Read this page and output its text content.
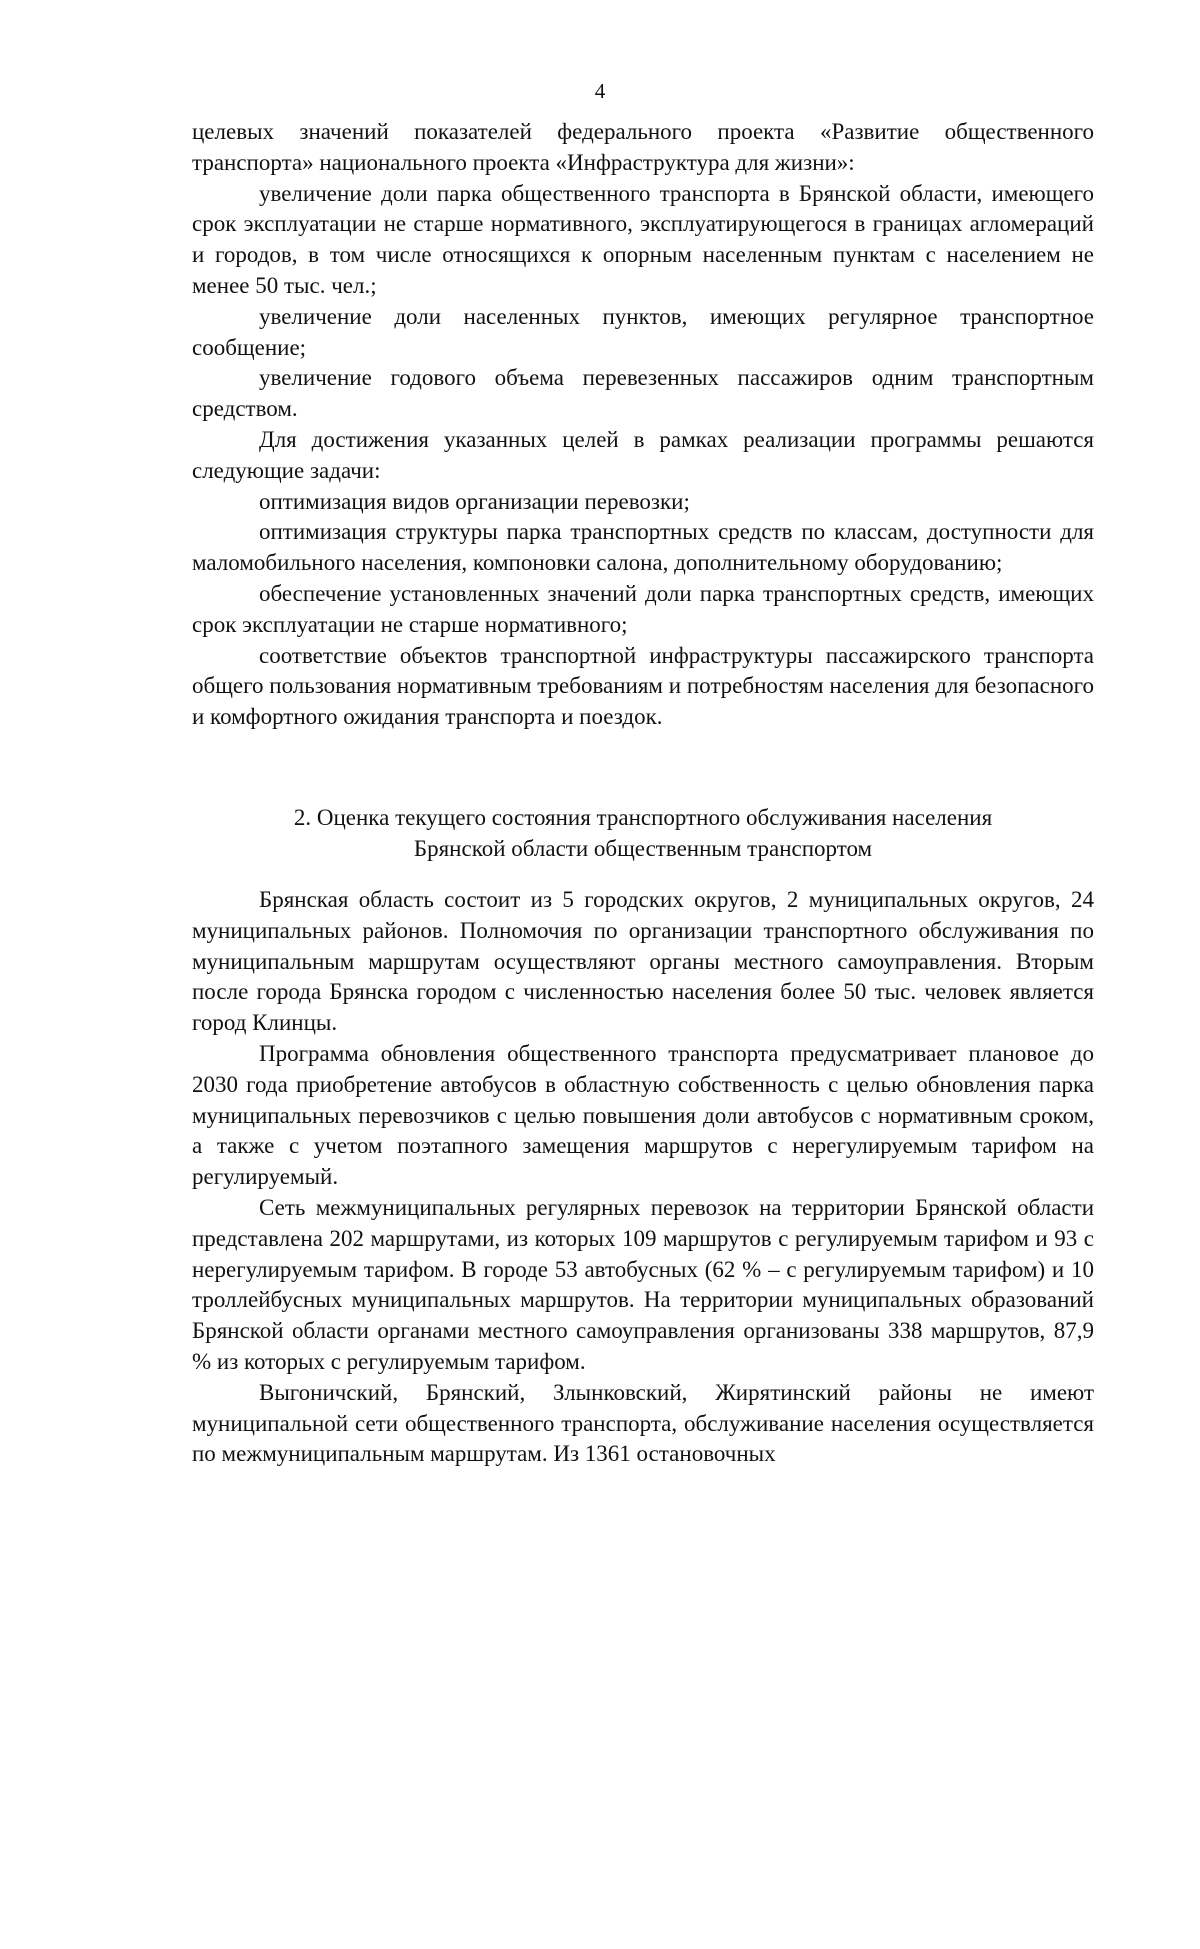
4

целевых значений показателей федерального проекта «Развитие общественного транспорта» национального проекта «Инфраструктура для жизни»:

увеличение доли парка общественного транспорта в Брянской области, имеющего срок эксплуатации не старше нормативного, эксплуатирующегося в границах агломераций и городов, в том числе относящихся к опорным населенным пунктам с населением не менее 50 тыс. чел.;

увеличение доли населенных пунктов, имеющих регулярное транспортное сообщение;

увеличение годового объема перевезенных пассажиров одним транспортным средством.

Для достижения указанных целей в рамках реализации программы решаются следующие задачи:

оптимизация видов организации перевозки;

оптимизация структуры парка транспортных средств по классам, доступности для маломобильного населения, компоновки салона, дополнительному оборудованию;

обеспечение установленных значений доли парка транспортных средств, имеющих срок эксплуатации не старше нормативного;

соответствие объектов транспортной инфраструктуры пассажирского транспорта общего пользования нормативным требованиям и потребностям населения для безопасного и комфортного ожидания транспорта и поездок.

2. Оценка текущего состояния транспортного обслуживания населения
Брянской области общественным транспортом

Брянская область состоит из 5 городских округов, 2 муниципальных округов, 24 муниципальных районов. Полномочия по организации транспортного обслуживания по муниципальным маршрутам осуществляют органы местного самоуправления. Вторым после города Брянска городом с численностью населения более 50 тыс. человек является город Клинцы.

Программа обновления общественного транспорта предусматривает плановое до 2030 года приобретение автобусов в областную собственность с целью обновления парка муниципальных перевозчиков с целью повышения доли автобусов с нормативным сроком, а также с учетом поэтапного замещения маршрутов с нерегулируемым тарифом на регулируемый.

Сеть межмуниципальных регулярных перевозок на территории Брянской области представлена 202 маршрутами, из которых 109 маршрутов с регулируемым тарифом и 93 с нерегулируемым тарифом. В городе 53 автобусных (62 % – с регулируемым тарифом) и 10 троллейбусных муниципальных маршрутов. На территории муниципальных образований Брянской области органами местного самоуправления организованы 338 маршрутов, 87,9 % из которых с регулируемым тарифом.

Выгоничский, Брянский, Злынковский, Жирятинский районы не имеют муниципальной сети общественного транспорта, обслуживание населения осуществляется по межмуниципальным маршрутам. Из 1361 остановочных
